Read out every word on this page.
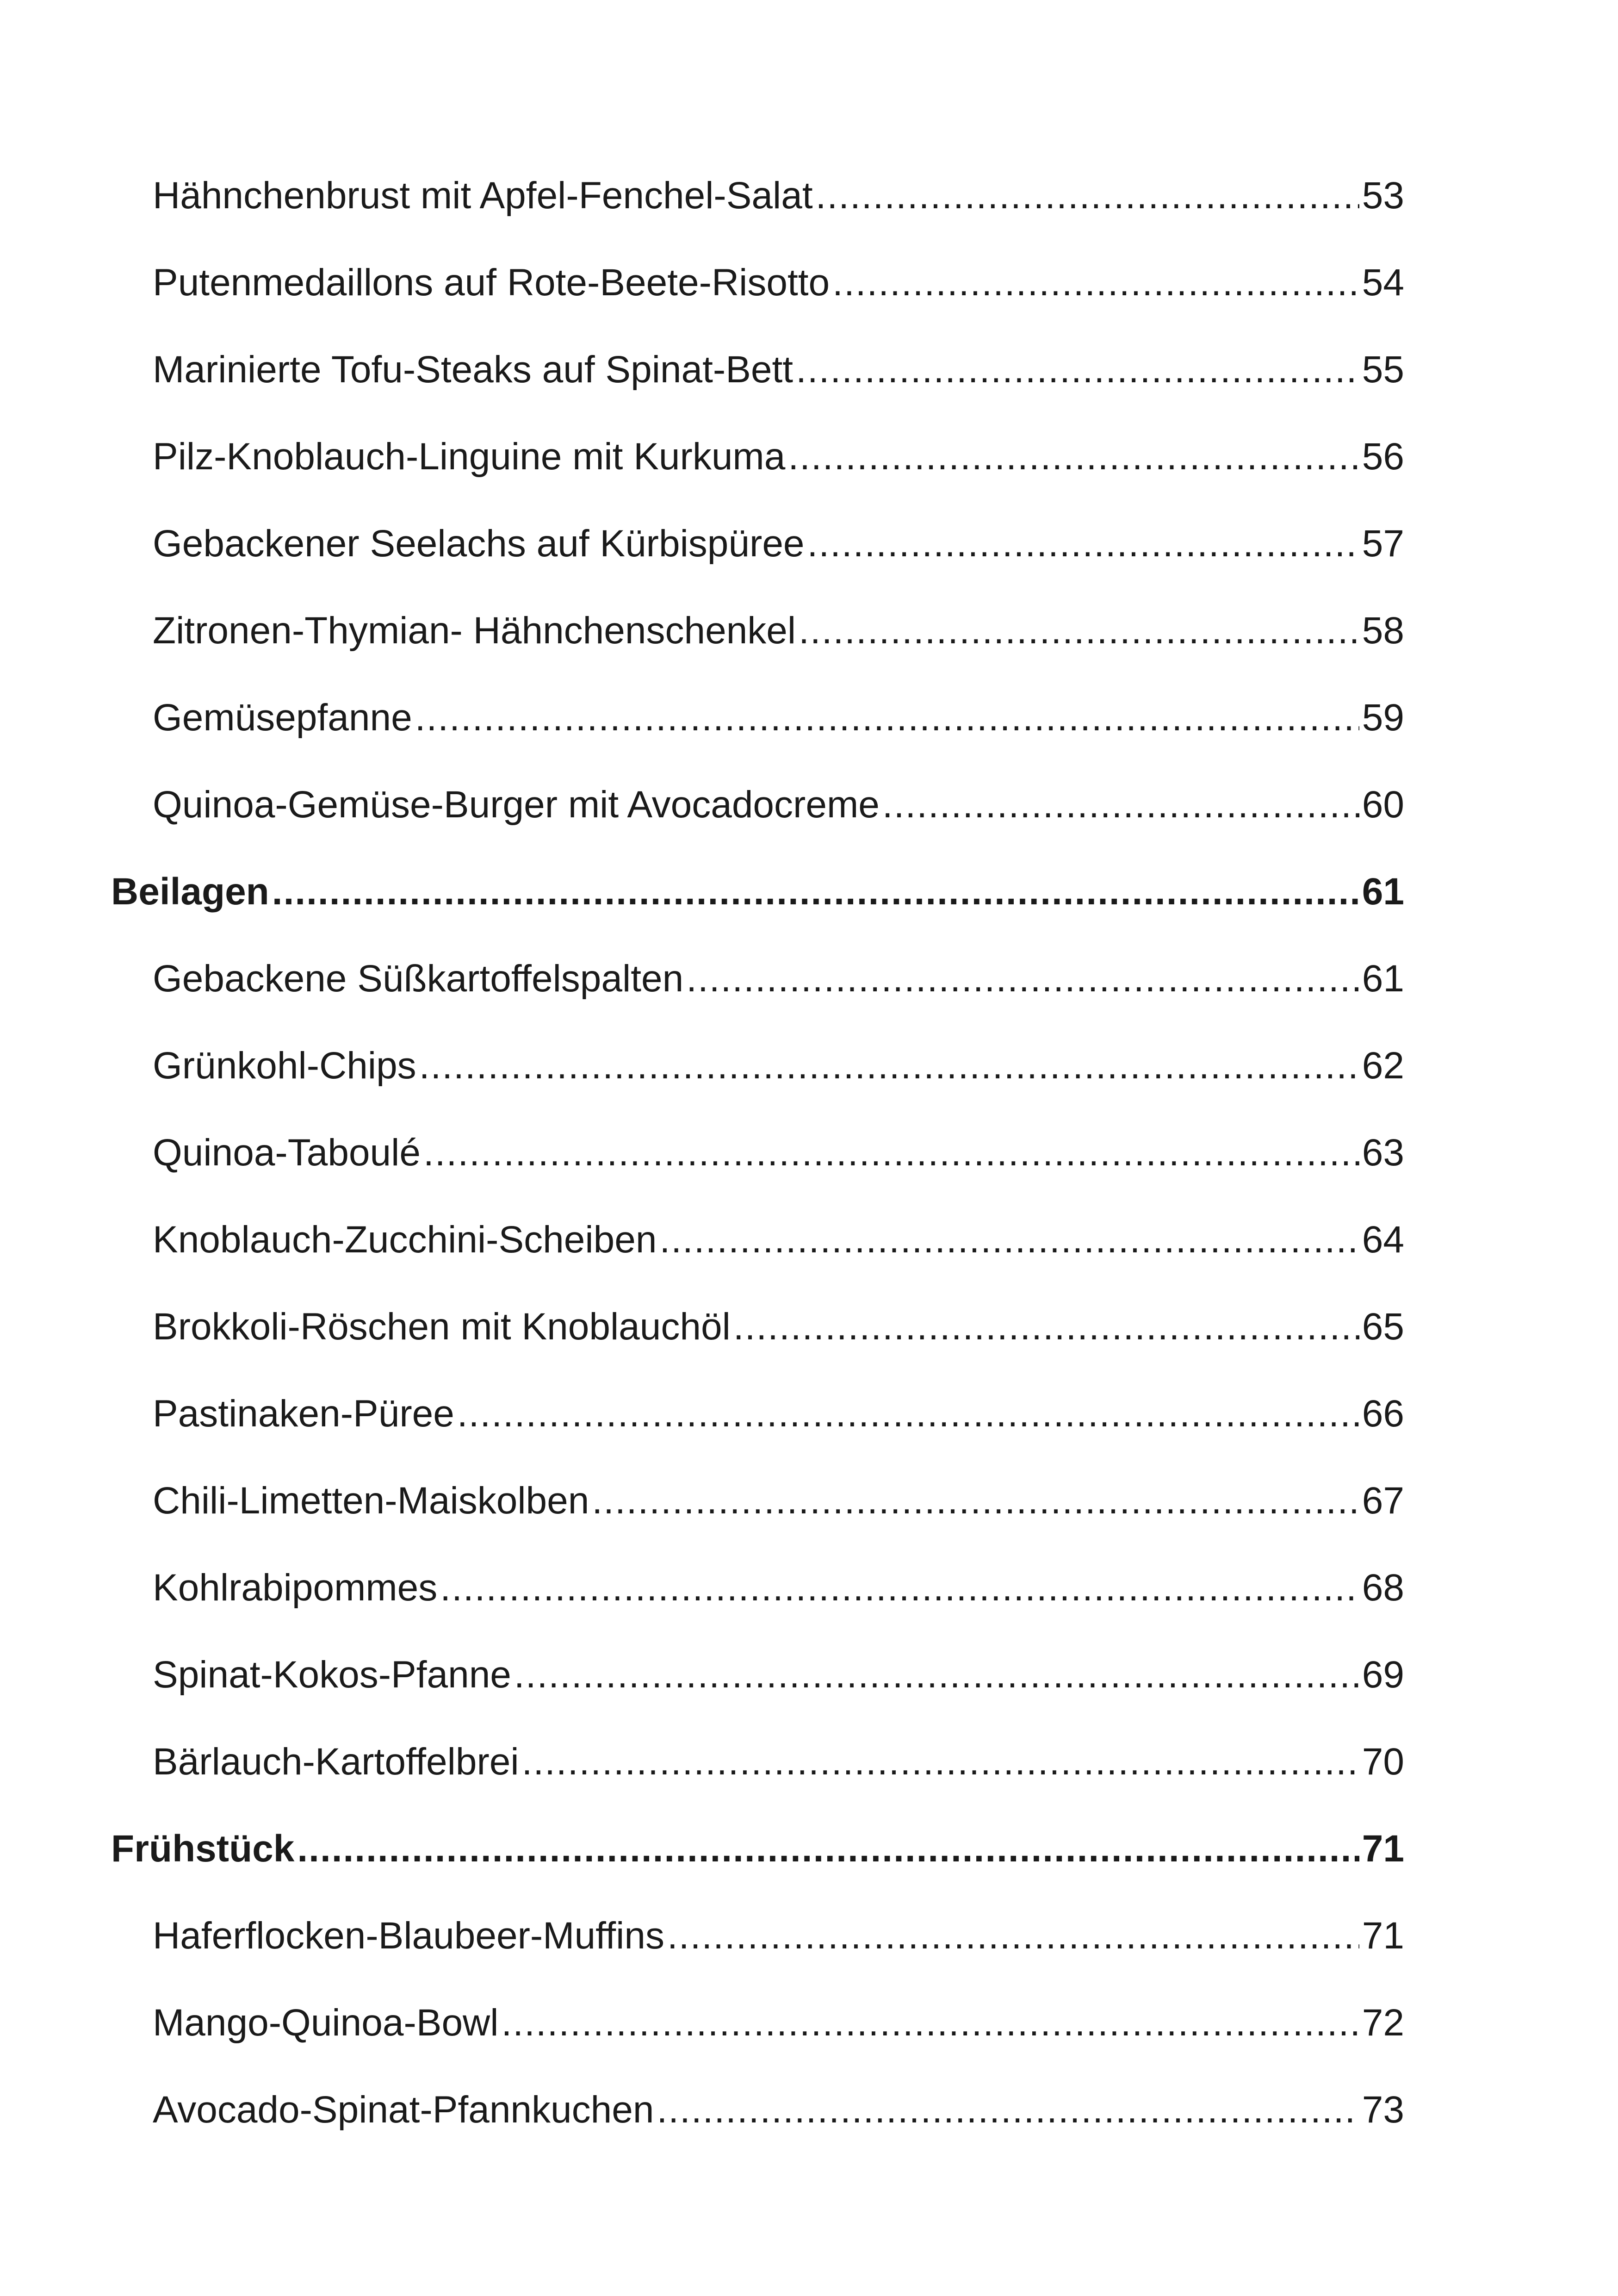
Hähnchenbrust mit Apfel-Fenchel-Salat .....	53
Putenmedaillons auf Rote-Beete-Risotto .....	54
Marinierte Tofu-Steaks auf Spinat-Bett .....	55
Pilz-Knoblauch-Linguine mit Kurkuma .....	56
Gebackener Seelachs auf Kürbispüree .....	57
Zitronen-Thymian- Hähnchenschenkel .....	58
Gemüsepfanne .....	59
Quinoa-Gemüse-Burger mit Avocadocreme .....	60
Beilagen .....	61
Gebackene Süßkartoffelspalten .....	61
Grünkohl-Chips .....	62
Quinoa-Taboulé .....	63
Knoblauch-Zucchini-Scheiben .....	64
Brokkoli-Röschen mit Knoblauchöl .....	65
Pastinaken-Püree .....	66
Chili-Limetten-Maiskolben .....	67
Kohlrabipommes .....	68
Spinat-Kokos-Pfanne .....	69
Bärlauch-Kartoffelbrei .....	70
Frühstück .....	71
Haferflocken-Blaubeer-Muffins .....	71
Mango-Quinoa-Bowl .....	72
Avocado-Spinat-Pfannkuchen .....	73
